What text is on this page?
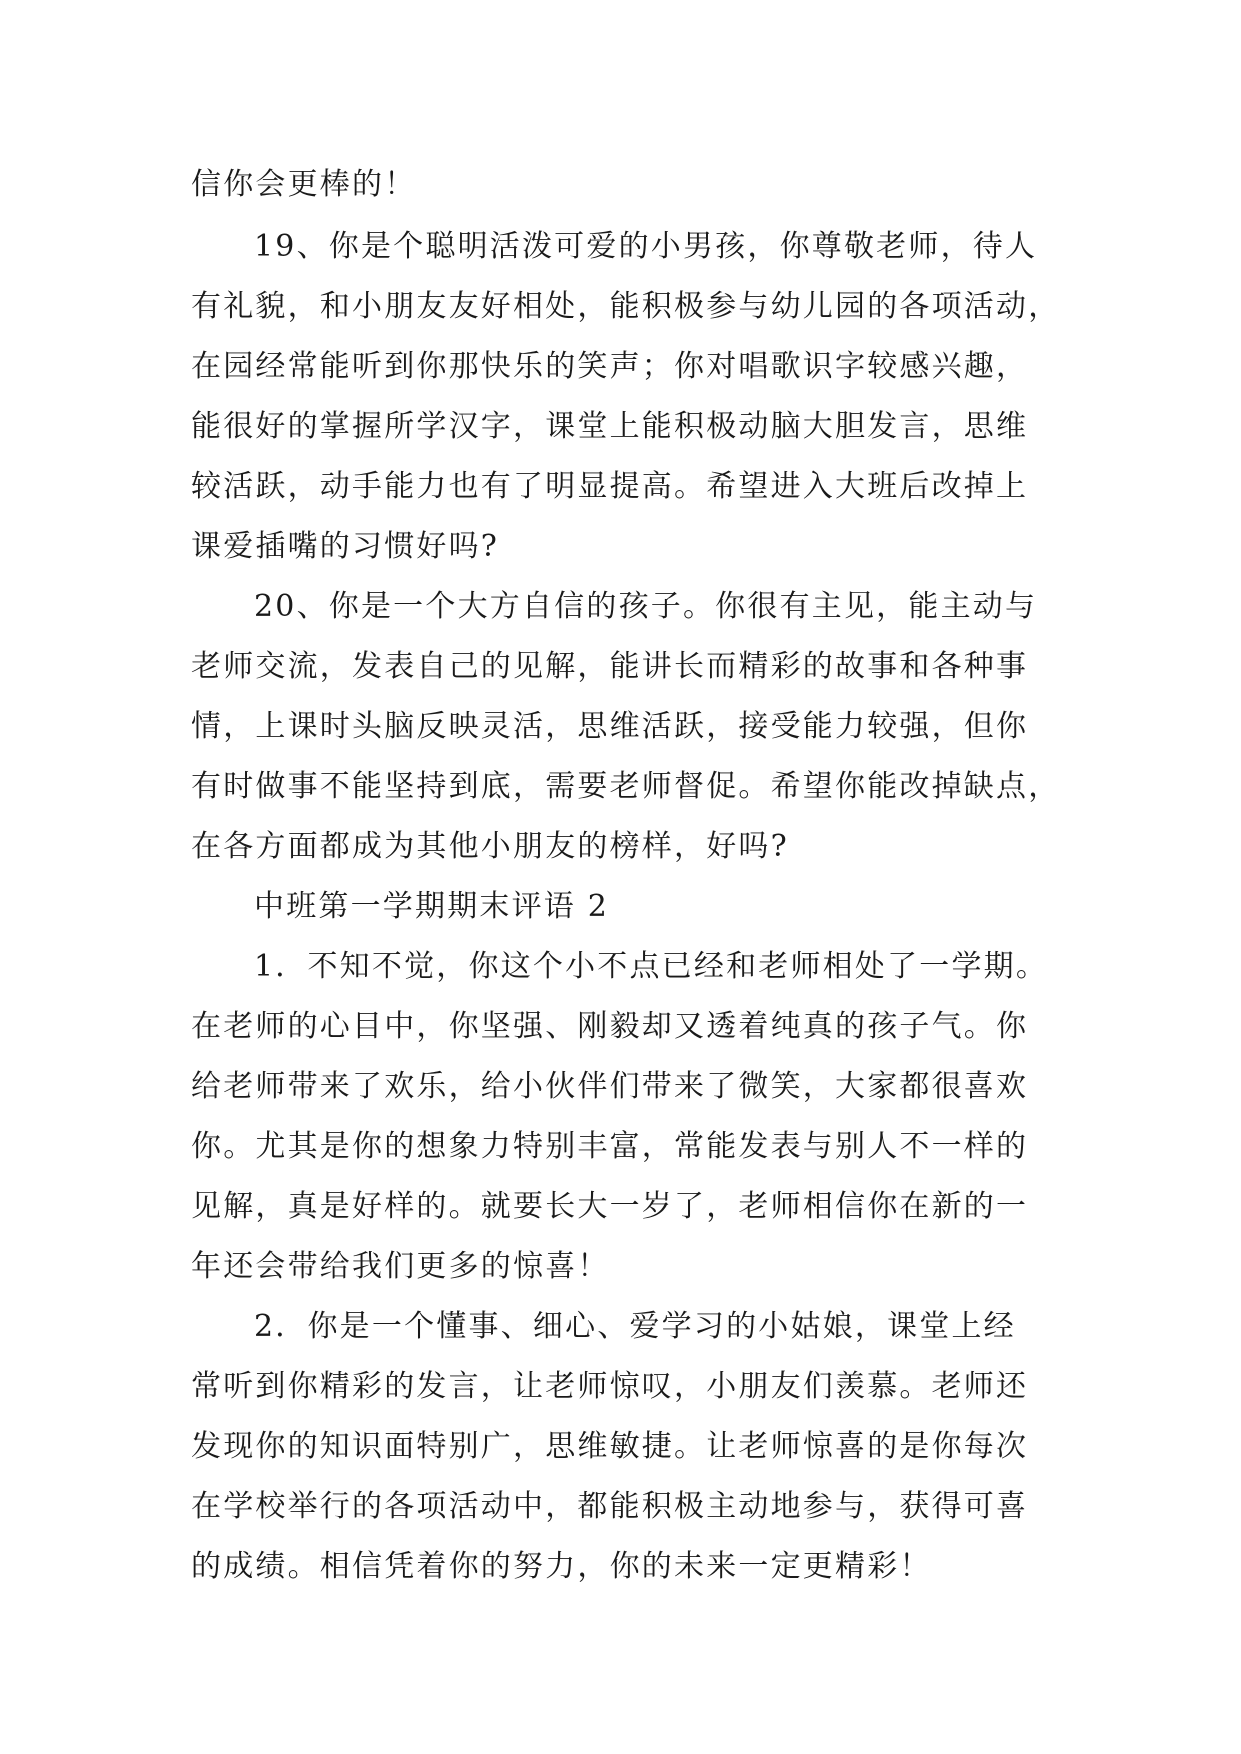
信你会更棒的！
19、你是个聪明活泼可爱的小男孩，你尊敬老师，待人
有礼貌，和小朋友友好相处，能积极参与幼儿园的各项活动，
在园经常能听到你那快乐的笑声；你对唱歌识字较感兴趣，
能很好的掌握所学汉字，课堂上能积极动脑大胆发言，思维
较活跃，动手能力也有了明显提高。希望进入大班后改掉上
课爱插嘴的习惯好吗?
20、你是一个大方自信的孩子。你很有主见，能主动与
老师交流，发表自己的见解，能讲长而精彩的故事和各种事
情，上课时头脑反映灵活，思维活跃，接受能力较强，但你
有时做事不能坚持到底，需要老师督促。希望你能改掉缺点，
在各方面都成为其他小朋友的榜样，好吗?
中班第一学期期末评语 2
1．不知不觉，你这个小不点已经和老师相处了一学期。
在老师的心目中，你坚强、刚毅却又透着纯真的孩子气。你
给老师带来了欢乐，给小伙伴们带来了微笑，大家都很喜欢
你。尤其是你的想象力特别丰富，常能发表与别人不一样的
见解，真是好样的。就要长大一岁了，老师相信你在新的一
年还会带给我们更多的惊喜！
2．你是一个懂事、细心、爱学习的小姑娘，课堂上经
常听到你精彩的发言，让老师惊叹，小朋友们羡慕。老师还
发现你的知识面特别广，思维敏捷。让老师惊喜的是你每次
在学校举行的各项活动中，都能积极主动地参与，获得可喜
的成绩。相信凭着你的努力，你的未来一定更精彩！
